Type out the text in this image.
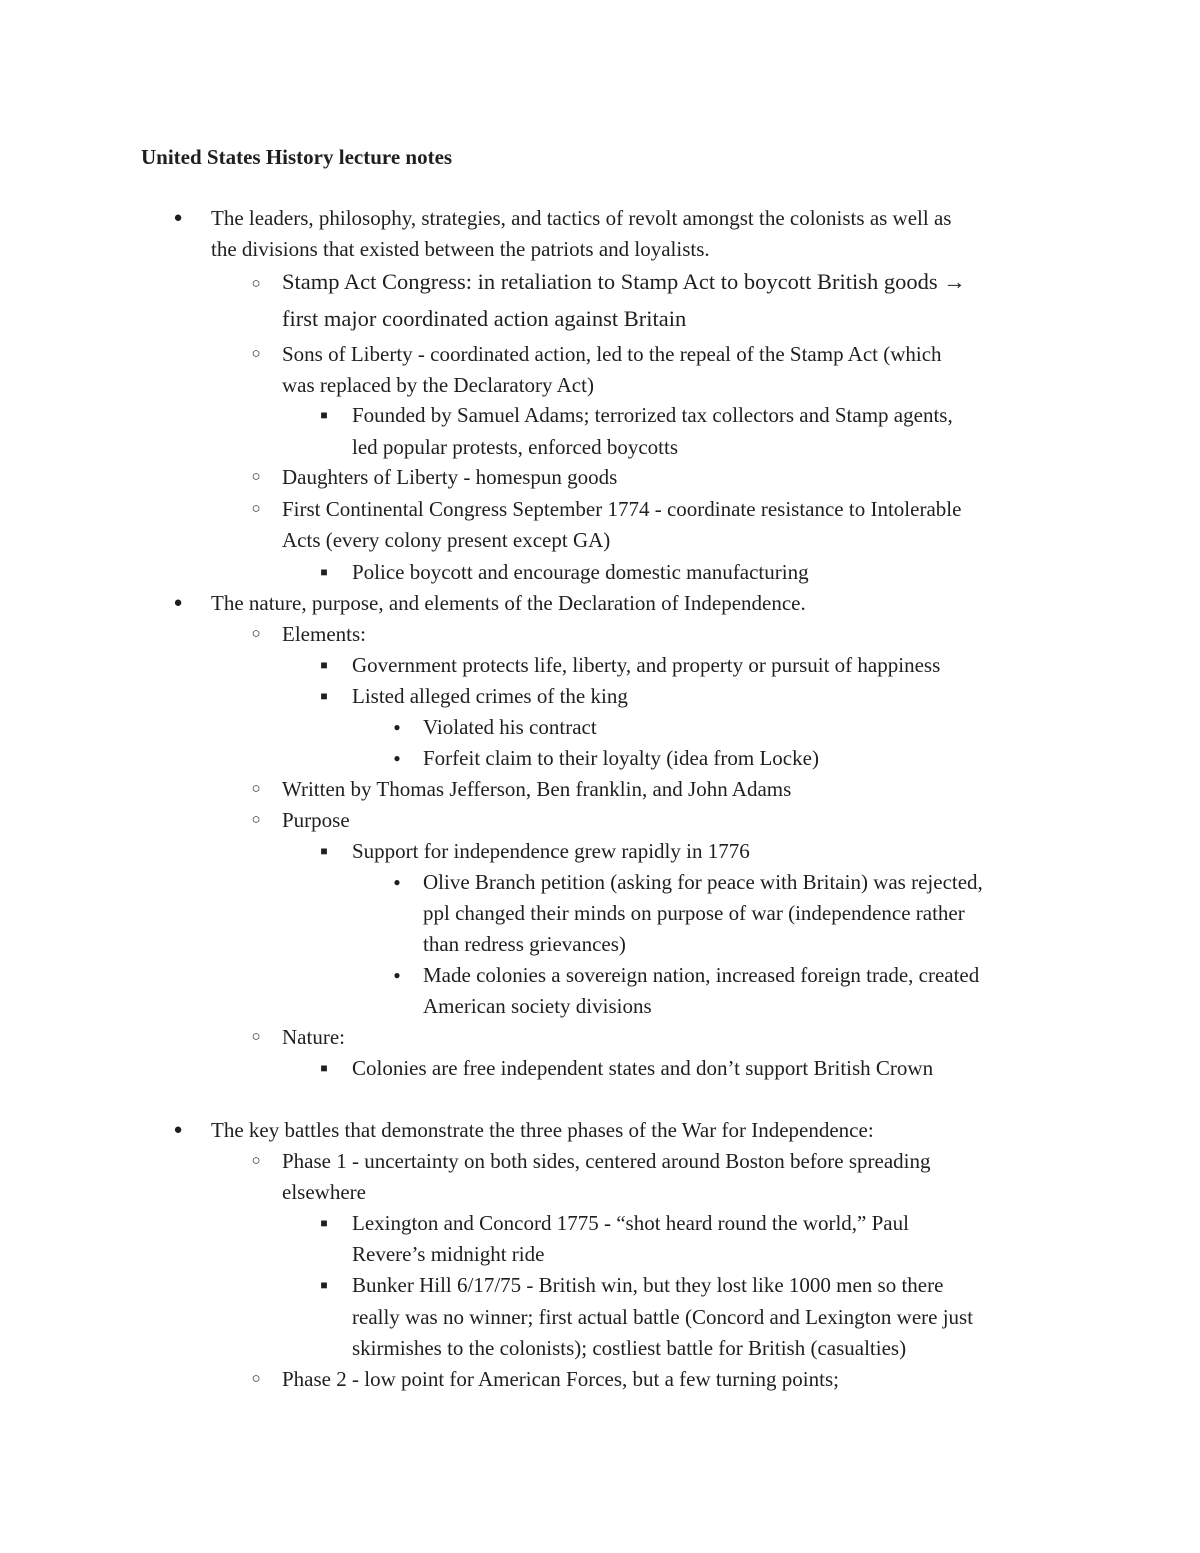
United States History lecture notes
● The leaders, philosophy, strategies, and tactics of revolt amongst the colonists as well as
the divisions that existed between the patriots and loyalists.
○ Stamp Act Congress: in retaliation to Stamp Act to boycott British goods →
first major coordinated action against Britain
○ Sons of Liberty - coordinated action, led to the repeal of the Stamp Act (which
was replaced by the Declaratory Act)
■	Founded by Samuel Adams; terrorized tax collectors and Stamp agents,
led popular protests, enforced boycotts
○ Daughters of Liberty - homespun goods
○ First Continental Congress September 1774 - coordinate resistance to Intolerable
Acts (every colony present except GA)
■	Police boycott and encourage domestic manufacturing
● The nature, purpose, and elements of the Declaration of Independence.
○ Elements:
■	Government protects life, liberty, and property or pursuit of happiness
■	Listed alleged crimes of the king
●	Violated his contract
●	Forfeit claim to their loyalty (idea from Locke)
○ Written by Thomas Jefferson, Ben franklin, and John Adams
○ Purpose
■	Support for independence grew rapidly in 1776
●	Olive Branch petition (asking for peace with Britain) was rejected,
ppl changed their minds on purpose of war (independence rather
than redress grievances)
●	Made colonies a sovereign nation, increased foreign trade, created
American society divisions
○ Nature:
■	Colonies are free independent states and don’t support British Crown
● The key battles that demonstrate the three phases of the War for Independence:
○ Phase 1 - uncertainty on both sides, centered around Boston before spreading
elsewhere
■	Lexington and Concord 1775 - “shot heard round the world,” Paul
Revere’s midnight ride
■	Bunker Hill 6/17/75 - British win, but they lost like 1000 men so there
really was no winner; first actual battle (Concord and Lexington were just
skirmishes to the colonists); costliest battle for British (casualties)
○ Phase 2 - low point for American Forces, but a few turning points;
